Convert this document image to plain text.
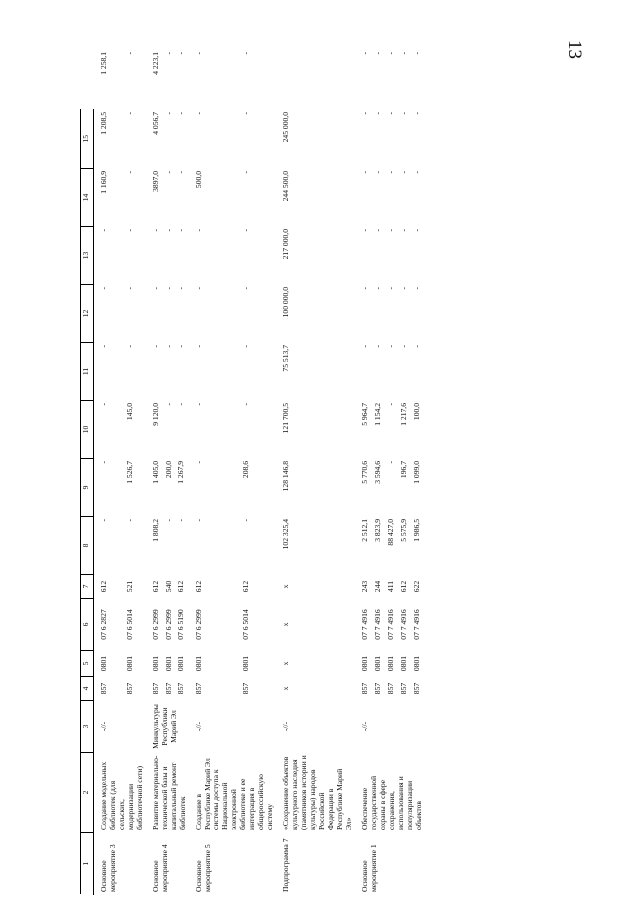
13
1	2	3	4	5	6	7	8	9	10	11	12	13	14	15	
Основное мероприятие 3	Создание модельных библиотек (для сельских, модернизации библиотечной сети)	-//-	857	0801	07 6 2827	612	-	-	-	-	-	-	1 160,9	1 208,5	1 258,1
			857	0801	07 6 5014	521	-	1 526,7	145,0	-	-	-	-	-	-
Основное мероприятие 4	Развитие материально-технической базы и капитальный ремонт библиотек	Минкультуры Республики Марий Эл	857	0801	07 6 2999	612	1 808,2	1 405,0	9 120,0	-	-	-	3897,0	4 056,7	4 223,1
			857	0801	07 6 2999	540	-	200,0	-	-	-	-	-	-	-
			857	0801	07 6 5190	612	-	1 267,9	-	-	-	-	-	-	-
Основное мероприятие 5	Создание в Республике Марий Эл системы доступа к Национальной электронной библиотеке и ее интеграция в общероссийскую систему	-//-	857	0801	07 6 2999	612	-	-	-	-	-	-	500,0	-	-
			857	0801	07 6 5014	612	-	208,6	-	-	-	-	-	-	-
Подпрограмма 7	«Сохранение объектов культурного наследия (памятников истории и культуры) народов Российской Федерации в Республике Марий Эл»	-//-	х	х	х	х	102 325,4	128 146,8	121 700,5	75 513,7	100 000,0	217 000,0	244 500,0	245 000,0	
Основное мероприятие 1	Обеспечение государственной охраны в сфере сохранения, использования и популяризации объектов	-//-	857	0801	07 7 4916	243	2 512,1	5 770,6	5 964,7	-	-	-	-	-	-
			857	0801	07 7 4916	244	3 823,9	3 594,6	1 154,2	-	-	-	-	-	-
			857	0801	07 7 4916	411	88 427,0	-	-	-	-	-	-	-	-
			857	0801	07 7 4916	612	5 575,9	196,7	1 217,6	-	-	-	-	-	-
			857	0801	07 7 4916	622	1 986,5	1 099,0	100,0	-	-	-	-	-	-
